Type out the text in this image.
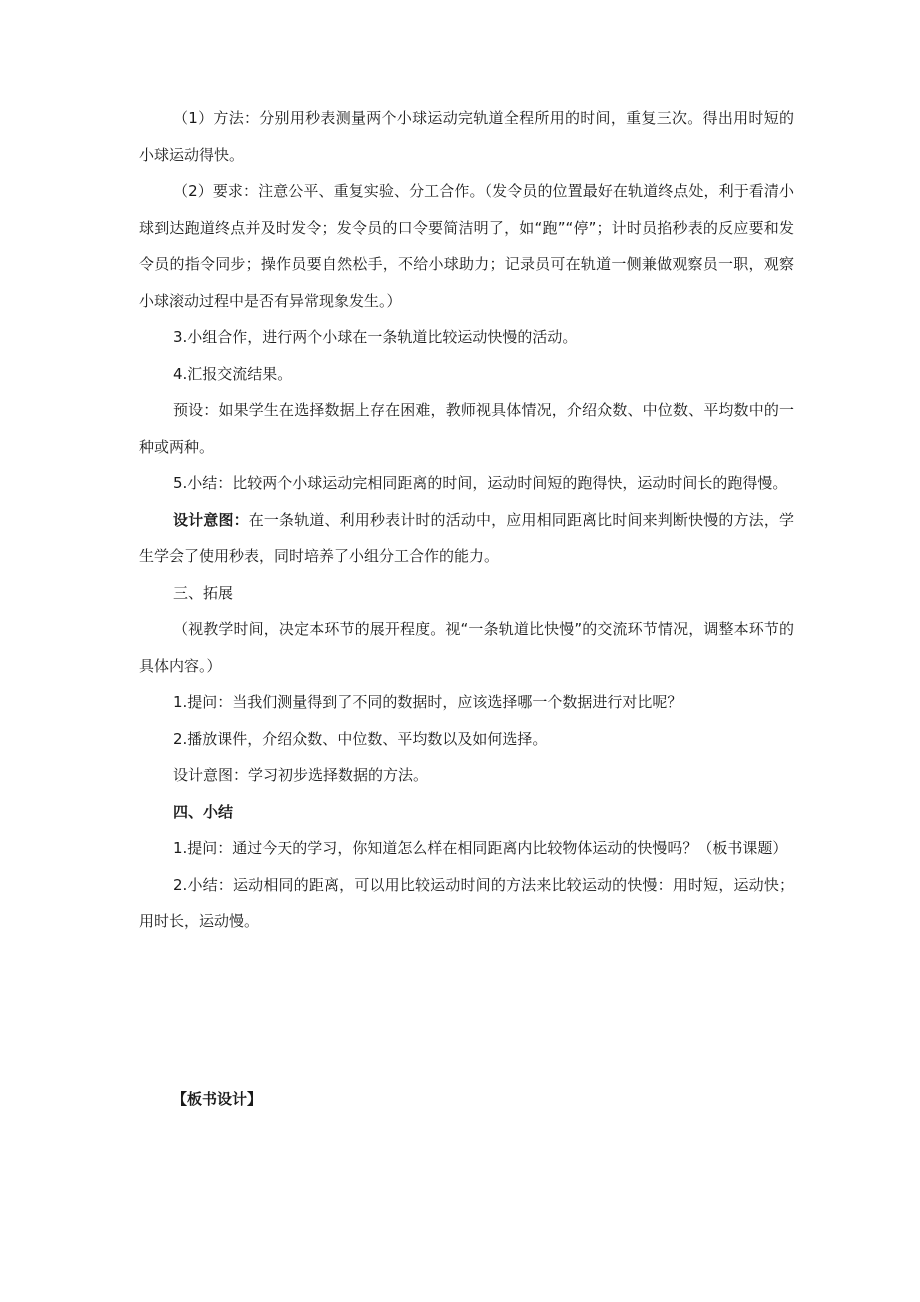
（1）方法：分别用秒表测量两个小球运动完轨道全程所用的时间，重复三次。得出用时短的小球运动得快。

（2）要求：注意公平、重复实验、分工合作。（发令员的位置最好在轨道终点处，利于看清小球到达跑道终点并及时发令；发令员的口令要简洁明了，如“跑”“停”；计时员掐秒表的反应要和发令员的指令同步；操作员要自然松手，不给小球助力；记录员可在轨道一侧兼做观察员一职，观察小球滚动过程中是否有异常现象发生。）

3.小组合作，进行两个小球在一条轨道比较运动快慢的活动。

4.汇报交流结果。

预设：如果学生在选择数据上存在困难，教师视具体情况，介绍众数、中位数、平均数中的一种或两种。

5.小结：比较两个小球运动完相同距离的时间，运动时间短的跑得快，运动时间长的跑得慢。

设计意图：在一条轨道、利用秒表计时的活动中，应用相同距离比时间来判断快慢的方法，学生学会了使用秒表，同时培养了小组分工合作的能力。

三、拓展

（视教学时间，决定本环节的展开程度。视“一条轨道比快慢”的交流环节情况，调整本环节的具体内容。）

1.提问：当我们测量得到了不同的数据时，应该选择哪一个数据进行对比呢？

2.播放课件，介绍众数、中位数、平均数以及如何选择。

设计意图：学习初步选择数据的方法。

四、小结

1.提问：通过今天的学习，你知道怎么样在相同距离内比较物体运动的快慢吗？（板书课题）

2.小结：运动相同的距离，可以用比较运动时间的方法来比较运动的快慢：用时短，运动快；用时长，运动慢。

【板书设计】
